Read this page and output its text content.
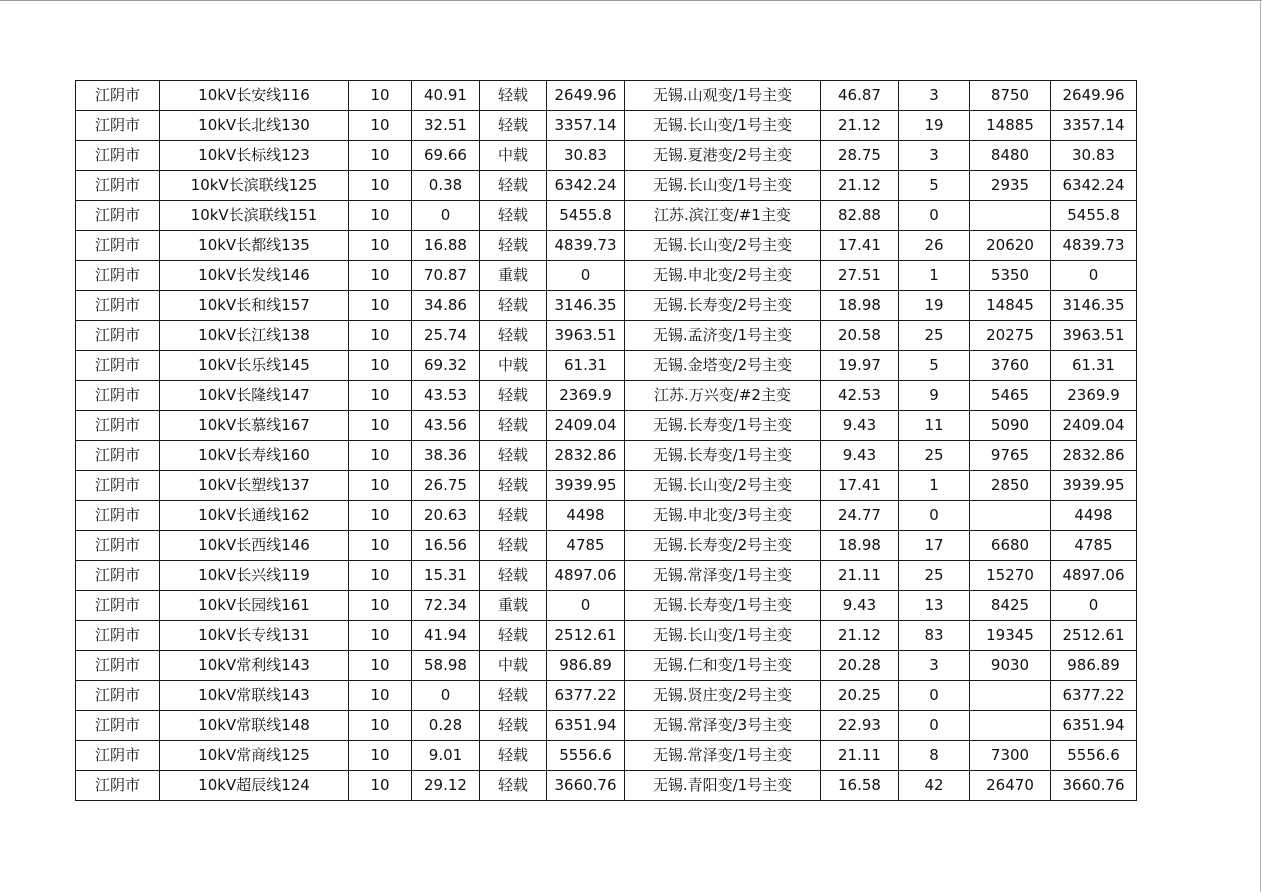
江阴市	10kV长安线116	10	40.91	轻载	2649.96	无锡.山观变/1号主变	46.87	3	8750	2649.96
江阴市	10kV长北线130	10	32.51	轻载	3357.14	无锡.长山变/1号主变	21.12	19	14885	3357.14
江阴市	10kV长标线123	10	69.66	中载	30.83	无锡.夏港变/2号主变	28.75	3	8480	30.83
江阴市	10kV长滨联线125	10	0.38	轻载	6342.24	无锡.长山变/1号主变	21.12	5	2935	6342.24
江阴市	10kV长滨联线151	10	0	轻载	5455.8	江苏.滨江变/#1主变	82.88	0		5455.8
江阴市	10kV长都线135	10	16.88	轻载	4839.73	无锡.长山变/2号主变	17.41	26	20620	4839.73
江阴市	10kV长发线146	10	70.87	重载	0	无锡.申北变/2号主变	27.51	1	5350	0
江阴市	10kV长和线157	10	34.86	轻载	3146.35	无锡.长寿变/2号主变	18.98	19	14845	3146.35
江阴市	10kV长江线138	10	25.74	轻载	3963.51	无锡.孟济变/1号主变	20.58	25	20275	3963.51
江阴市	10kV长乐线145	10	69.32	中载	61.31	无锡.金塔变/2号主变	19.97	5	3760	61.31
江阴市	10kV长隆线147	10	43.53	轻载	2369.9	江苏.万兴变/#2主变	42.53	9	5465	2369.9
江阴市	10kV长慕线167	10	43.56	轻载	2409.04	无锡.长寿变/1号主变	9.43	11	5090	2409.04
江阴市	10kV长寿线160	10	38.36	轻载	2832.86	无锡.长寿变/1号主变	9.43	25	9765	2832.86
江阴市	10kV长塑线137	10	26.75	轻载	3939.95	无锡.长山变/2号主变	17.41	1	2850	3939.95
江阴市	10kV长通线162	10	20.63	轻载	4498	无锡.申北变/3号主变	24.77	0		4498
江阴市	10kV长西线146	10	16.56	轻载	4785	无锡.长寿变/2号主变	18.98	17	6680	4785
江阴市	10kV长兴线119	10	15.31	轻载	4897.06	无锡.常泽变/1号主变	21.11	25	15270	4897.06
江阴市	10kV长园线161	10	72.34	重载	0	无锡.长寿变/1号主变	9.43	13	8425	0
江阴市	10kV长专线131	10	41.94	轻载	2512.61	无锡.长山变/1号主变	21.12	83	19345	2512.61
江阴市	10kV常利线143	10	58.98	中载	986.89	无锡.仁和变/1号主变	20.28	3	9030	986.89
江阴市	10kV常联线143	10	0	轻载	6377.22	无锡.贤庄变/2号主变	20.25	0		6377.22
江阴市	10kV常联线148	10	0.28	轻载	6351.94	无锡.常泽变/3号主变	22.93	0		6351.94
江阴市	10kV常商线125	10	9.01	轻载	5556.6	无锡.常泽变/1号主变	21.11	8	7300	5556.6
江阴市	10kV超辰线124	10	29.12	轻载	3660.76	无锡.青阳变/1号主变	16.58	42	26470	3660.76
